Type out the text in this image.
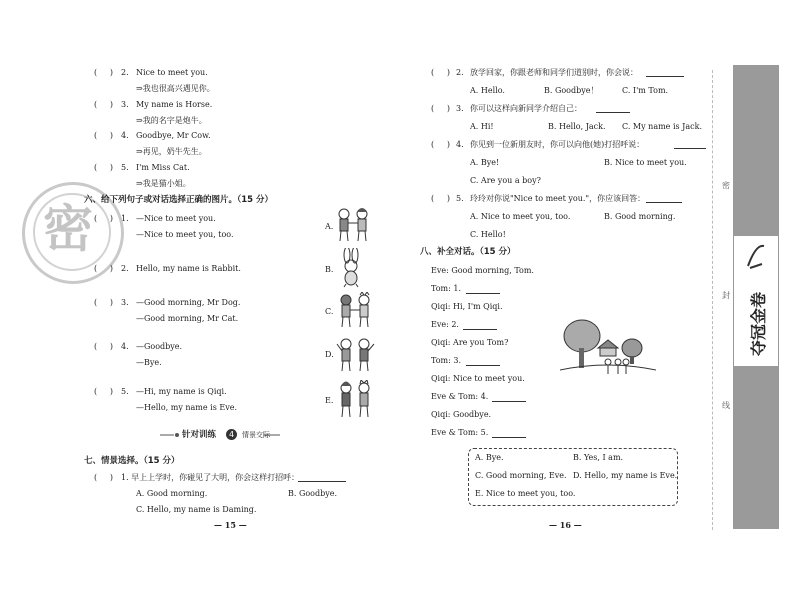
(     ) 2. Nice to meet you.
⇒我也很高兴遇见你。
(     ) 3. My name is Horse.
⇒我的名字是炮牛。
(     ) 4. Goodbye, Mr Cow.
⇒再见，奶牛先生。
(     ) 5. I'm Miss Cat.
⇒我是猫小姐。
密
六、给下列句子或对话选择正确的图片。（15 分）
(     ) 1. —Nice to meet you.
—Nice to meet you, too.
(     ) 2. Hello, my name is Rabbit.
(     ) 3. —Good morning, Mr Dog.
—Good morning, Mr Cat.
(     ) 4. —Goodbye.
—Bye.
(     ) 5. —Hi, my name is Qiqi.
—Hello, my name is Eve.
A.
B.
C.
D.
E.
针对训练	4	情景交际
七、情景选择。（15 分）
(     ) 1. 早上上学时，你碰见了大明，你会这样打招呼：
A. Good morning.	B. Goodbye.
C. Hello, my name is Daming.
— 15 —
(     ) 2. 放学回家，你跟老师和同学们道别时，你会说：
A. Hello.	B. Goodbye！	C. I'm Tom.
(     ) 3. 你可以这样向新同学介绍自己：
A. Hi!	B. Hello, Jack. C. My name is Jack.
(     ) 4. 你见到一位新朋友时，你可以向他(她)打招呼说：
A. Bye!	B. Nice to meet you.
C. Are you a boy?
(     ) 5. 玲玲对你说"Nice to meet you."，你应该回答：
A. Nice to meet you, too.	B. Good morning.
C. Hello!
八、补全对话。（15 分）
Eve: Good morning, Tom.
Tom: 1.
Qiqi: Hi, I'm Qiqi.
Eve: 2.
Qiqi: Are you Tom?
Tom: 3.
Qiqi: Nice to meet you.
Eve & Tom: 4.
Qiqi: Goodbye.
Eve & Tom: 5.
A. Bye.	B. Yes, I am.
C. Good morning, Eve. D. Hello, my name is Eve.
E. Nice to meet you, too.
— 16 —
密
封
线
夺冠金卷
